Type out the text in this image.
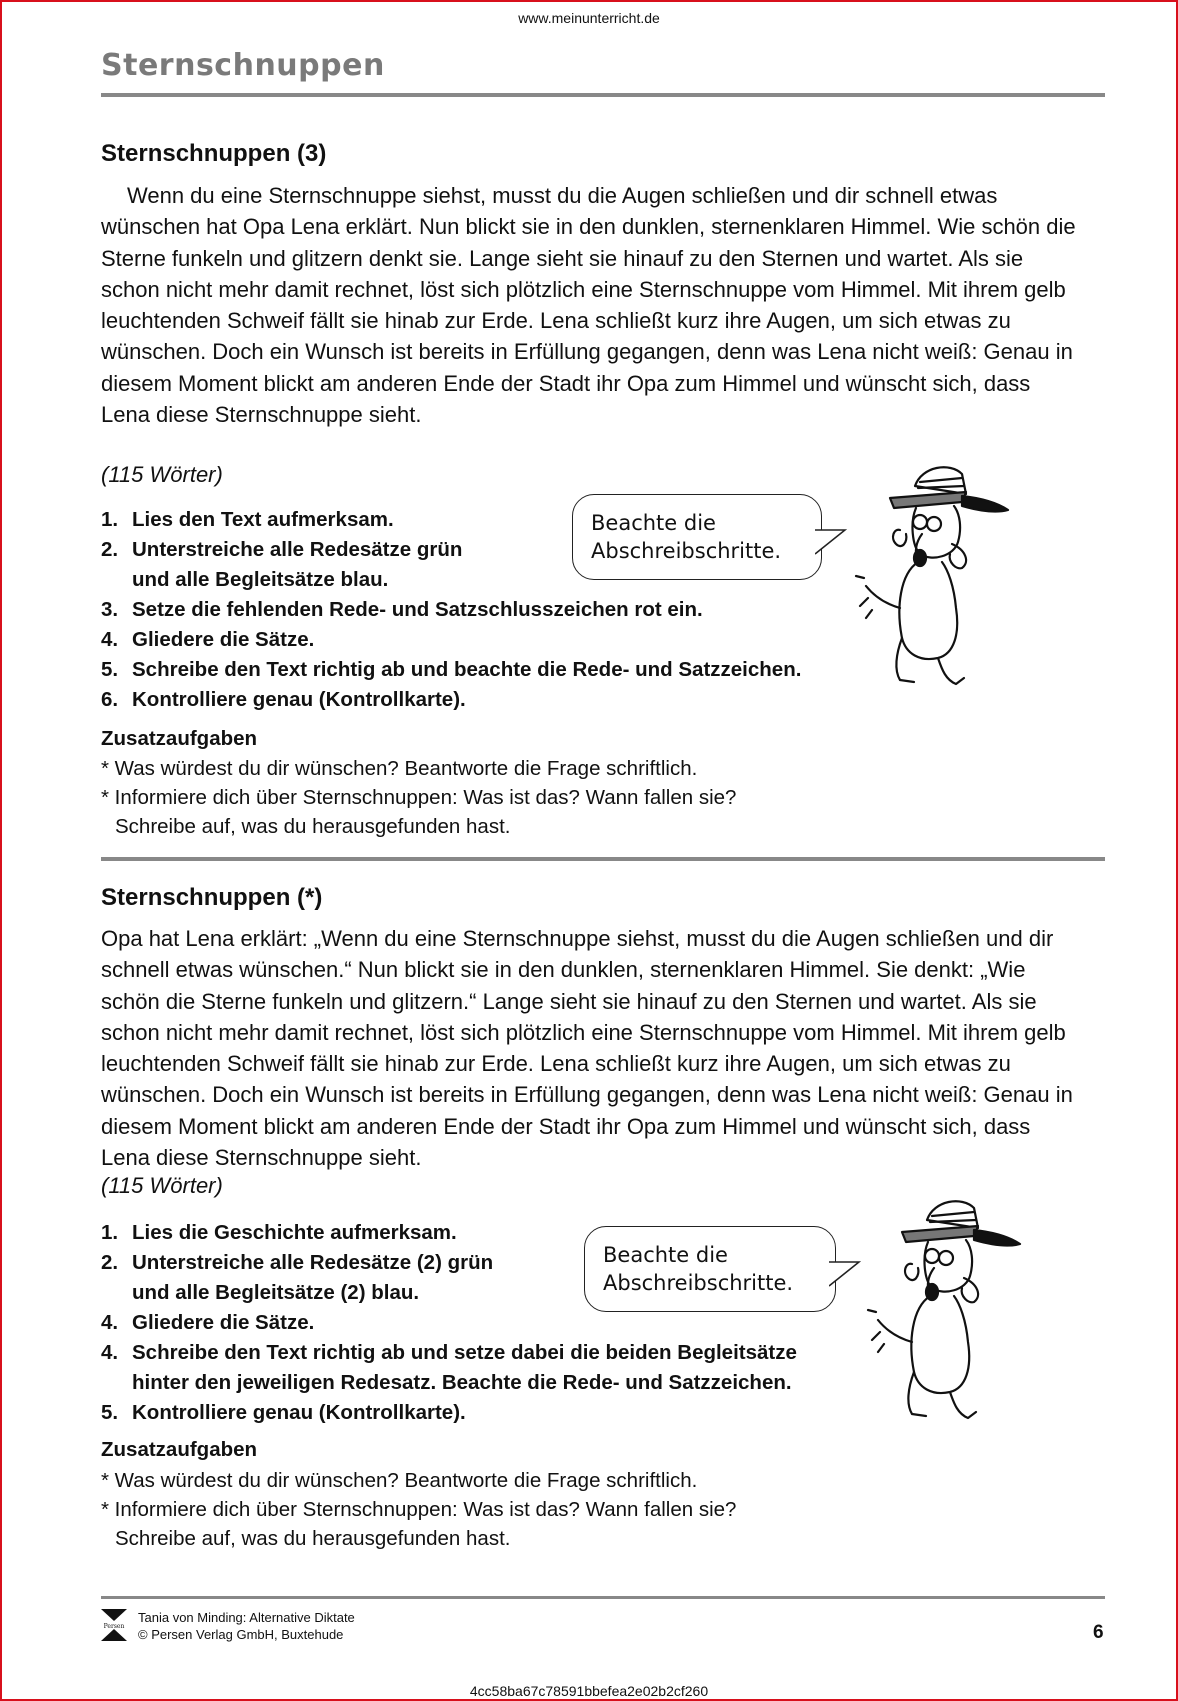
www.meinunterricht.de
Sternschnuppen
Sternschnuppen (3)

Wenn du eine Sternschnuppe siehst, musst du die Augen schließen und dir schnell etwas wünschen hat Opa Lena erklärt. Nun blickt sie in den dunklen, sternenklaren Himmel. Wie schön die Sterne funkeln und glitzern denkt sie. Lange sieht sie hinauf zu den Sternen und wartet. Als sie schon nicht mehr damit rechnet, löst sich plötzlich eine Sternschnuppe vom Himmel. Mit ihrem gelb leuchtenden Schweif fällt sie hinab zur Erde. Lena schließt kurz ihre Augen, um sich etwas zu wünschen. Doch ein Wunsch ist bereits in Erfüllung gegangen, denn was Lena nicht weiß: Genau in diesem Moment blickt am anderen Ende der Stadt ihr Opa zum Himmel und wünscht sich, dass Lena diese Sternschnuppe sieht.

(115 Wörter)
1. Lies den Text aufmerksam.
2. Unterstreiche alle Redesätze grün
und alle Begleitsätze blau.
3. Setze die fehlenden Rede- und Satzschlusszeichen rot ein.
4. Gliedere die Sätze.
5. Schreibe den Text richtig ab und beachte die Rede- und Satzzeichen.
6. Kontrolliere genau (Kontrollkarte).
Beachte die
Abschreibschritte.
Zusatzaufgaben

* Was würdest du dir wünschen? Beantworte die Frage schriftlich.

* Informiere dich über Sternschnuppen: Was ist das? Wann fallen sie?

Schreibe auf, was du herausgefunden hast.

Sternschnuppen (*)

Opa hat Lena erklärt: „Wenn du eine Sternschnuppe siehst, musst du die Augen schließen und dir schnell etwas wünschen.“ Nun blickt sie in den dunklen, sternenklaren Himmel. Sie denkt: „Wie schön die Sterne funkeln und glitzern.“ Lange sieht sie hinauf zu den Sternen und wartet. Als sie schon nicht mehr damit rechnet, löst sich plötzlich eine Sternschnuppe vom Himmel. Mit ihrem gelb leuchtenden Schweif fällt sie hinab zur Erde. Lena schließt kurz ihre Augen, um sich etwas zu wünschen. Doch ein Wunsch ist bereits in Erfüllung gegangen, denn was Lena nicht weiß: Genau in diesem Moment blickt am anderen Ende der Stadt ihr Opa zum Himmel und wünscht sich, dass Lena diese Sternschnuppe sieht.

(115 Wörter)
1. Lies die Geschichte aufmerksam.
2. Unterstreiche alle Redesätze (2) grün
und alle Begleitsätze (2) blau.
4. Gliedere die Sätze.
4. Schreibe den Text richtig ab und setze dabei die beiden Begleitsätze
hinter den jeweiligen Redesatz. Beachte die Rede- und Satzzeichen.
5. Kontrolliere genau (Kontrollkarte).
Beachte die
Abschreibschritte.
Zusatzaufgaben

* Was würdest du dir wünschen? Beantworte die Frage schriftlich.

* Informiere dich über Sternschnuppen: Was ist das? Wann fallen sie?

Schreibe auf, was du herausgefunden hast.

Persen
Tania von Minding: Alternative Diktate
© Persen Verlag GmbH, Buxtehude	6
4cc58ba67c78591bbefea2e02b2cf260
